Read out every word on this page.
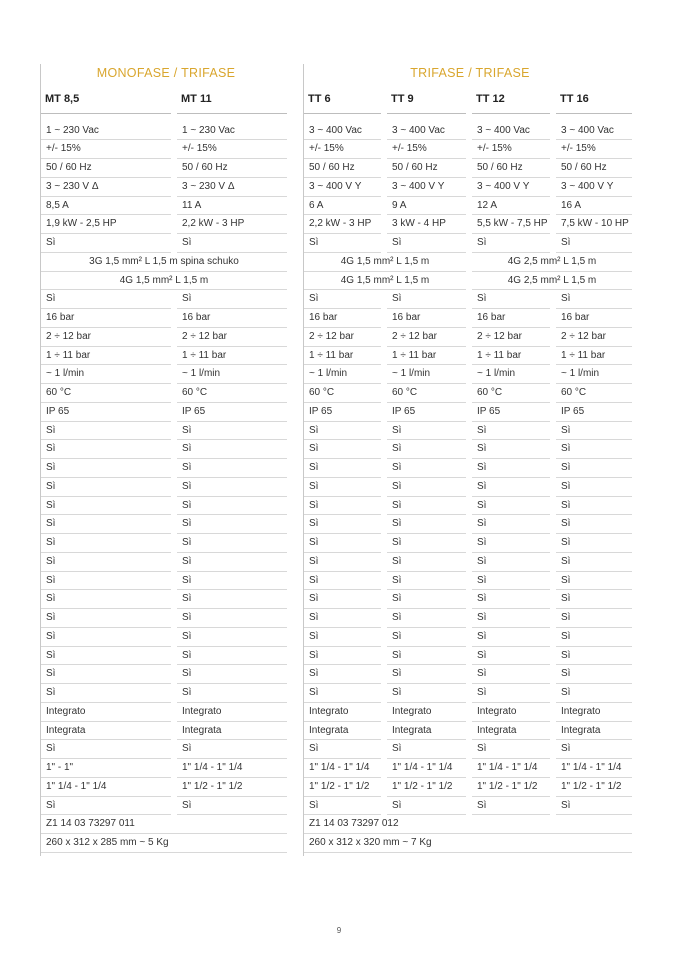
MONOFASE / TRIFASE
MT 8,5	MT 11
1 ~ 230 Vac	1 ~ 230 Vac
+/- 15%	+/- 15%
50 / 60 Hz	50 / 60 Hz
3 ~ 230 V Δ	3 ~ 230 V Δ
8,5 A	11 A
1,9 kW - 2,5 HP	2,2 kW - 3 HP
Sì	Sì
3G 1,5 mm² L 1,5 m spina schuko
4G 1,5 mm² L 1,5 m
Sì	Sì
16 bar	16 bar
2 ÷ 12 bar	2 ÷ 12 bar
1 ÷ 11 bar	1 ÷ 11 bar
~ 1 l/min	~ 1 l/min
60 °C	60 °C
IP 65	IP 65
Sì	Sì
Sì	Sì
Sì	Sì
Sì	Sì
Sì	Sì
Sì	Sì
Sì	Sì
Sì	Sì
Sì	Sì
Sì	Sì
Sì	Sì
Sì	Sì
Sì	Sì
Sì	Sì
Sì	Sì
Integrato	Integrato
Integrata	Integrata
Sì	Sì
1" - 1"	1" 1/4 - 1" 1/4
1" 1/4 - 1" 1/4	1" 1/2 - 1" 1/2
Sì	Sì
Z1 14 03 73297 011
260 x 312 x 285 mm ~ 5 Kg
TRIFASE / TRIFASE
TT 6	TT 9	TT 12	TT 16
3 ~ 400 Vac	3 ~ 400 Vac	3 ~ 400 Vac	3 ~ 400 Vac
+/- 15%	+/- 15%	+/- 15%	+/- 15%
50 / 60 Hz	50 / 60 Hz	50 / 60 Hz	50 / 60 Hz
3 ~ 400 V Y	3 ~ 400 V Y	3 ~ 400 V Y	3 ~ 400 V Y
6 A	9 A	12 A	16 A
2,2 kW - 3 HP	3 kW - 4 HP	5,5 kW - 7,5 HP	7,5 kW - 10 HP
Sì	Sì	Sì	Sì
4G 1,5 mm² L 1,5 m	4G 2,5 mm² L 1,5 m
4G 1,5 mm² L 1,5 m	4G 2,5 mm² L 1,5 m
Sì	Sì	Sì	Sì
16 bar	16 bar	16 bar	16 bar
2 ÷ 12 bar	2 ÷ 12 bar	2 ÷ 12 bar	2 ÷ 12 bar
1 ÷ 11 bar	1 ÷ 11 bar	1 ÷ 11 bar	1 ÷ 11 bar
~ 1 l/min	~ 1 l/min	~ 1 l/min	~ 1 l/min
60 °C	60 °C	60 °C	60 °C
IP 65	IP 65	IP 65	IP 65
Sì	Sì	Sì	Sì
Sì	Sì	Sì	Sì
Sì	Sì	Sì	Sì
Sì	Sì	Sì	Sì
Sì	Sì	Sì	Sì
Sì	Sì	Sì	Sì
Sì	Sì	Sì	Sì
Sì	Sì	Sì	Sì
Sì	Sì	Sì	Sì
Sì	Sì	Sì	Sì
Sì	Sì	Sì	Sì
Sì	Sì	Sì	Sì
Sì	Sì	Sì	Sì
Sì	Sì	Sì	Sì
Sì	Sì	Sì	Sì
Integrato	Integrato	Integrato	Integrato
Integrata	Integrata	Integrata	Integrata
Sì	Sì	Sì	Sì
1" 1/4 - 1" 1/4	1" 1/4 - 1" 1/4	1" 1/4 - 1" 1/4	1" 1/4 - 1" 1/4
1" 1/2 - 1" 1/2	1" 1/2 - 1" 1/2	1" 1/2 - 1" 1/2	1" 1/2 - 1" 1/2
Sì	Sì	Sì	Sì
Z1 14 03 73297 012
260 x 312 x 320 mm ~ 7 Kg
9
